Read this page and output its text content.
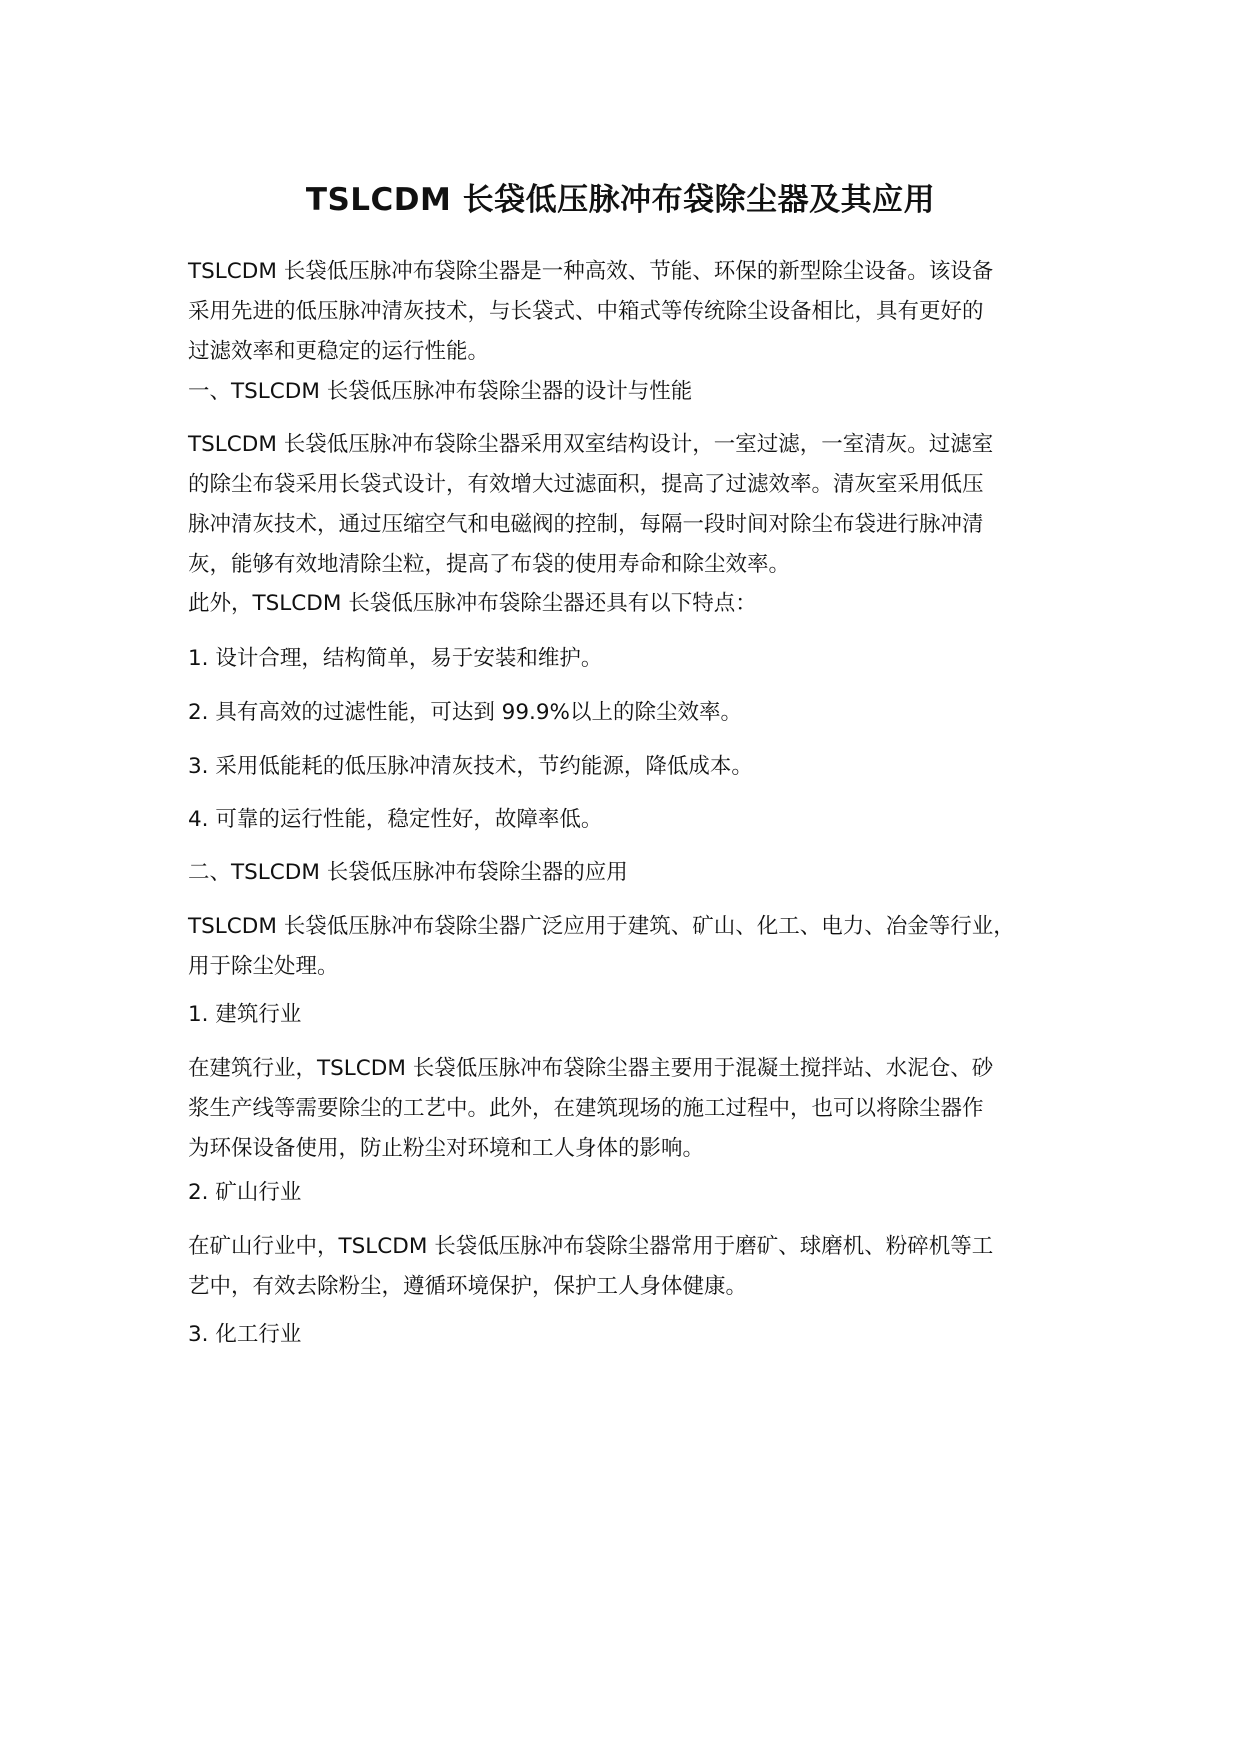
TSLCDM 长袋低压脉冲布袋除尘器及其应用
TSLCDM 长袋低压脉冲布袋除尘器是一种高效、节能、环保的新型除尘设备。该设备
采用先进的低压脉冲清灰技术，与长袋式、中箱式等传统除尘设备相比，具有更好的
过滤效率和更稳定的运行性能。
一、TSLCDM 长袋低压脉冲布袋除尘器的设计与性能
TSLCDM 长袋低压脉冲布袋除尘器采用双室结构设计，一室过滤，一室清灰。过滤室
的除尘布袋采用长袋式设计，有效增大过滤面积，提高了过滤效率。清灰室采用低压
脉冲清灰技术，通过压缩空气和电磁阀的控制，每隔一段时间对除尘布袋进行脉冲清
灰，能够有效地清除尘粒，提高了布袋的使用寿命和除尘效率。
此外，TSLCDM 长袋低压脉冲布袋除尘器还具有以下特点：
1. 设计合理，结构简单，易于安装和维护。
2. 具有高效的过滤性能，可达到 99.9%以上的除尘效率。
3. 采用低能耗的低压脉冲清灰技术，节约能源，降低成本。
4. 可靠的运行性能，稳定性好，故障率低。
二、TSLCDM 长袋低压脉冲布袋除尘器的应用
TSLCDM 长袋低压脉冲布袋除尘器广泛应用于建筑、矿山、化工、电力、冶金等行业，
用于除尘处理。
1. 建筑行业
在建筑行业，TSLCDM 长袋低压脉冲布袋除尘器主要用于混凝土搅拌站、水泥仓、砂
浆生产线等需要除尘的工艺中。此外，在建筑现场的施工过程中，也可以将除尘器作
为环保设备使用，防止粉尘对环境和工人身体的影响。
2. 矿山行业
在矿山行业中，TSLCDM 长袋低压脉冲布袋除尘器常用于磨矿、球磨机、粉碎机等工
艺中，有效去除粉尘，遵循环境保护，保护工人身体健康。
3. 化工行业
